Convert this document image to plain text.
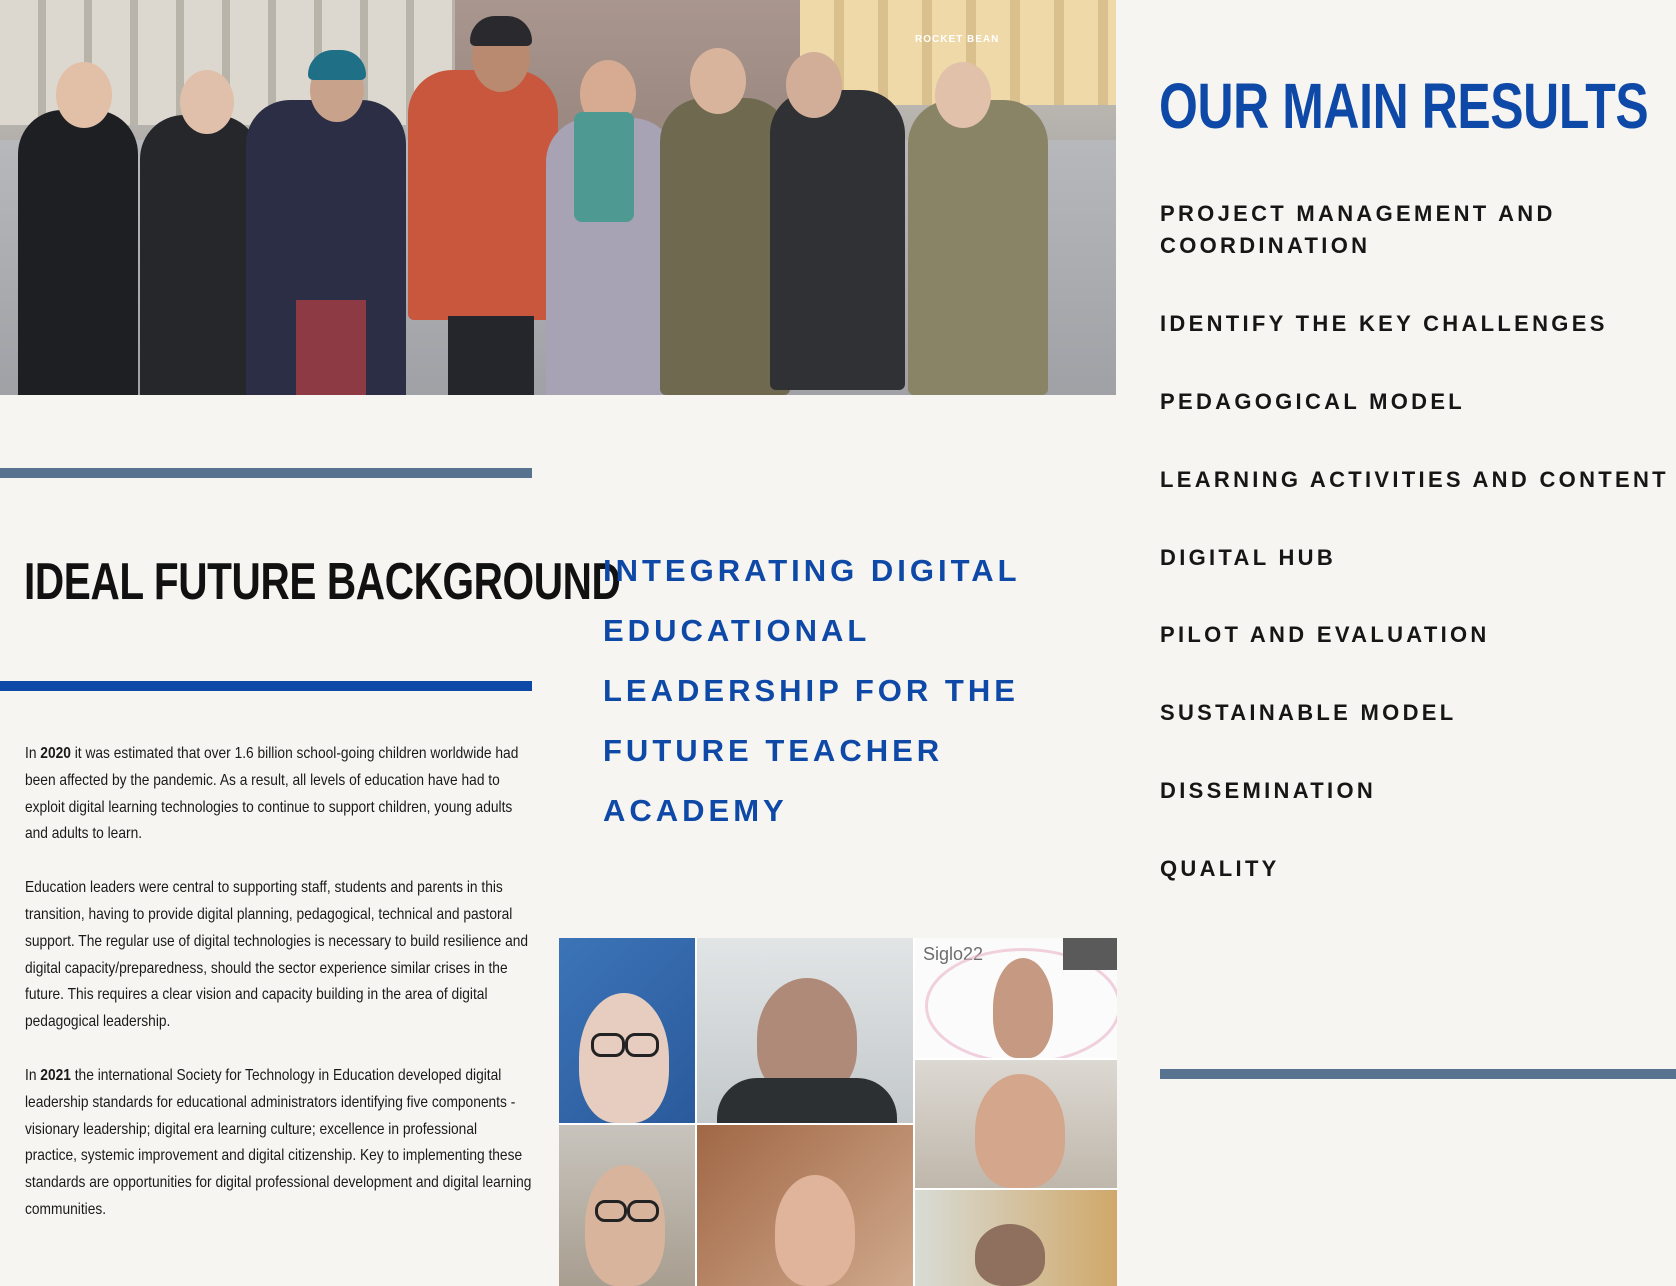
ROCKET BEAN
IDEAL FUTURE BACKGROUND

In 2020 it was estimated that over 1.6 billion school-going children worldwide had been affected by the pandemic. As a result, all levels of education have had to exploit digital learning technologies to continue to support children, young adults and adults to learn.

Education leaders were central to supporting staff, students and parents in this transition, having to provide digital planning, pedagogical, technical and pastoral support. The regular use of digital technologies is necessary to build resilience and digital capacity/preparedness, should the sector experience similar crises in the future. This requires a clear vision and capacity building in the area of digital pedagogical leadership.

In 2021 the international Society for Technology in Education developed digital leadership standards for educational administrators identifying five components - visionary leadership; digital era learning culture; excellence in professional practice, systemic improvement and digital citizenship. Key to implementing these standards are opportunities for digital professional development and digital learning communities.

INTEGRATING DIGITAL EDUCATIONAL LEADERSHIP FOR THE FUTURE TEACHER ACADEMY

Siglo22
OUR MAIN RESULTS
PROJECT MANAGEMENT AND COORDINATION
IDENTIFY THE KEY CHALLENGES
PEDAGOGICAL MODEL
LEARNING ACTIVITIES AND CONTENT
DIGITAL HUB
PILOT AND EVALUATION
SUSTAINABLE MODEL
DISSEMINATION
QUALITY
